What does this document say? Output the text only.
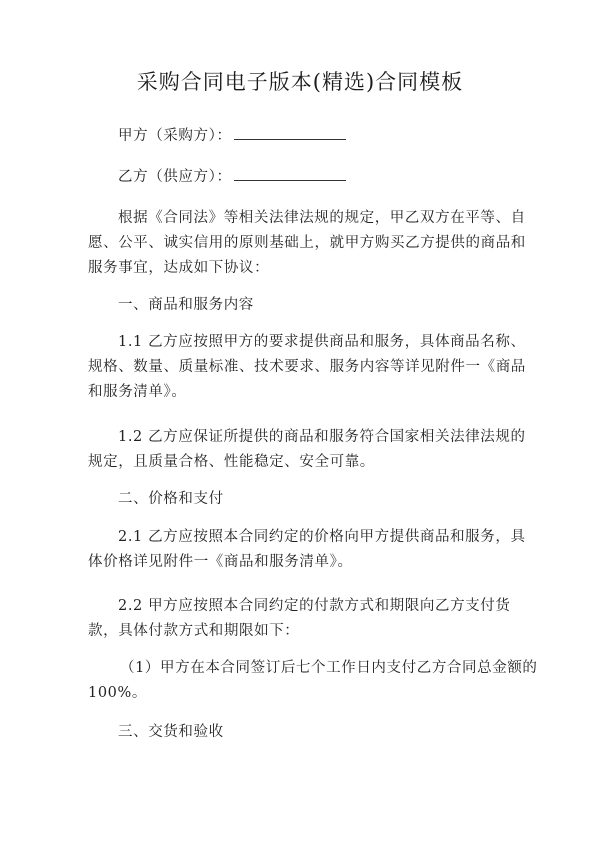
采购合同电子版本(精选)合同模板
甲方（采购方）：
乙方（供应方）：
根据《合同法》等相关法律法规的规定，甲乙双方在平等、自
愿、公平、诚实信用的原则基础上，就甲方购买乙方提供的商品和
服务事宜，达成如下协议：
一、商品和服务内容
1.1 乙方应按照甲方的要求提供商品和服务，具体商品名称、
规格、数量、质量标准、技术要求、服务内容等详见附件一《商品
和服务清单》。
1.2 乙方应保证所提供的商品和服务符合国家相关法律法规的
规定，且质量合格、性能稳定、安全可靠。
二、价格和支付
2.1 乙方应按照本合同约定的价格向甲方提供商品和服务，具
体价格详见附件一《商品和服务清单》。
2.2 甲方应按照本合同约定的付款方式和期限向乙方支付货
款，具体付款方式和期限如下：
（1）甲方在本合同签订后七个工作日内支付乙方合同总金额的
100%。
三、交货和验收
